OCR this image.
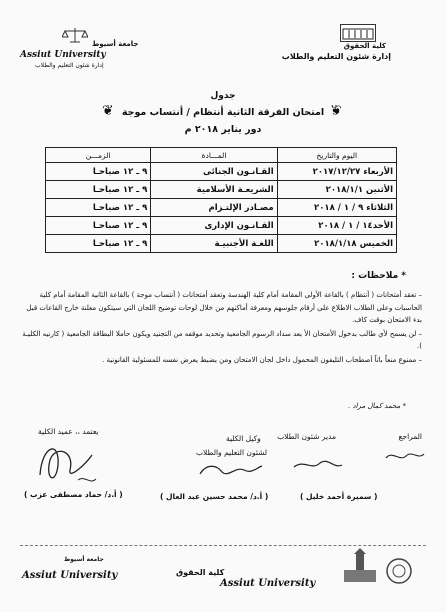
كلية الحقوق
إدارة شئون التعليم والطلاب
جامعة أسيوط
Assiut University
إدارة شئون التعليم والطلاب
جدول
امتحان الفرقة الثانية أنتظام / أنتساب موجة
دور يناير ٢٠١٨ م
❦	❦
اليوم والتاريخ	المـــادة	الزمـــن
الأربعاء ٢٠١٧/١٢/٢٧	القـانـون الجنائى	٩ ـ ١٢ صباحـا
الأثنين ٢٠١٨/١/١	الشريعـة الأسلامية	٩ ـ ١٢ صباحـا
الثلاثاء ٩ / ١ / ٢٠١٨	مصـادر الإلتـزام	٩ ـ ١٢ صباحـا
الأحد١٤ / ١ / ٢٠١٨	القـانـون الإدارى	٩ ـ ١٢ صباحـا
الخميس ٢٠١٨/١/١٨	اللغـة الأجنبيـة	٩ ـ ١٢ صباحـا
* ملاحظات :

– تعقد أمتحانات ( أنتظام ) بالقاعة الأولى المقامة أمام كلية الهندسة وتعقد أمتحانات ( أنتساب موجة ) بالقاعة الثانية المقامة أمام كلية الحاسبات وعلى الطلاب الاطلاع على أرقام جلوسهم ومعرفة أماكنهم من خلال لوحات توضيح اللجان التي سيتكون معلنة خارج القاعات قبل بدء الامتحان بوقت كاف.

– لن يسمح لأي طالب بدخول الأمتحان الأ بعد سداد الرسوم الجامعية وتحديد موقفه من التجنيد ويكون حاملا البطاقة الجامعية ( كارنيه الكليـة ).

– ممنوع منعاً باتاً أصطحاب التليفون المحمول داخل لجان الامتحان ومن يضبط يعرض نفسه للمسئولية القانونية .

* محمد كمال مراد .
المراجع
مدير شئون الطلاب
وكيل الكلية
لشئون التعليم والطلاب
يعتمد ،، عميد الكلية
( أ.د/ حماد مصطفى عزب )	( أ.د/ محمد حسين عبد العال )	( سميرة أحمد خليل )
جامعة أسيوط
Assiut University	كلية الحقوق
Assiut University
